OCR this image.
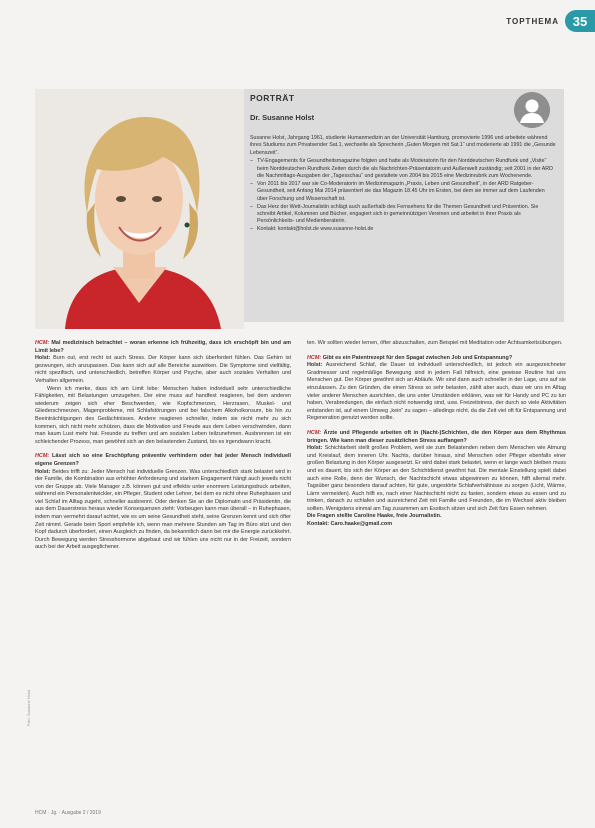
TOPTHEMA	35
PORTRÄT
Dr. Susanne Holst

Susanne Holst, Jahrgang 1961, studierte Humanmedizin an der Universität Hamburg, promovierte 1996 und arbeitete während ihres Studiums zum Privatsender Sat.1, wechselte als Sprecherin „Guten Morgen mit Sat.1“ und moderierte ab 1991 die „Gesunde Lebenszeit“.

– TV-Engagements für Gesundheitsmagazine folgten und hatte als Moderatorin für den Norddeutschen Rundfunk und „Visite“ beim Norddeutschen Rundfunk Zeiten durch die als Nachrichten-Präsentatorin und Außenwelt zuständig; seit 2001 in der ARD die Nachmittags-Ausgaben der „Tagesschau“ und gestaltete von 2004 bis 2015 eine Medizinrubrik zum Wochenende.

– Von 2011 bis 2017 war sie Co-Moderatorin im Medizinmagazin „Praxis, Leben und Gesundheit“, in der ARD Ratgeber-Gesundheit, seit Anfang Mai 2014 präsentiert sie das Magazin 18.45 Uhr im Ersten, bei dem sie immer auf dem Laufenden über Forschung und Wissenschaft ist.

– Das Herz der Wett-Journalistin schlägt auch außerhalb des Fernsehens für die Themen Gesundheit und Prävention. Sie schreibt Artikel, Kolumnen und Bücher, engagiert sich in gemeinnützigen Vereinen und arbeitet in ihrer Praxis als Persönlichkeits- und Medienberaterin.

– Kontakt: kontakt@holst.de www.susanne-holst.de

HCM: Mal medizinisch betrachtet – woran erkenne ich frühzeitig, dass ich erschöpft bin und am Limit lebe?

Holst: Burn out, erst recht ist auch Stress. Der Körper kann sich überfordert fühlen. Das Gehirn ist gezwungen, sich anzupassen. Das kann sich auf alle Bereiche auswirken. Die Symptome sind vielfältig, nicht spezifisch, und unterschiedlich, betreffen Körper und Psyche, aber auch soziales Verhalten und Verhalten allgemein.

Wenn ich merke, dass ich am Limit lebe: Menschen haben individuell sehr unterschiedliche Fähigkeiten, mit Belastungen umzugehen. Der eine muss auf handfest reagieren, bei dem anderen wiederum zeigen sich eher Beschwerden, wie Kopfschmerzen, Herzrasen, Muskel- und Gliederschmerzen, Magenprobleme, mit Schlafstörungen und bei falschem Alkoholkonsum, bis hin zu Beeinträchtigungen des Gedächtnisses. Andere reagieren schneller, indem sie nicht mehr zu sich kommen, sich nicht mehr schützen, dass die Motivation und Freude aus dem Leben verschwinden, dann man kaum Lust mehr hat. Freunde zu treffen und am sozialen Leben teilzunehmen. Ausbrennen ist ein schleichender Prozess, man gewöhnt sich an den belastenden Zustand, bis es irgendwann kracht.

HCM: Lässt sich so eine Erschöpfung präventiv verhindern oder hat jeder Mensch individuell eigene Grenzen?

Holst: Beides trifft zu: Jeder Mensch hat individuelle Grenzen. Was unterschiedlich stark belastet wird in der Familie, die Kombination aus erhöhter Anforderung und starkem Engagement hängt auch jeweils nicht von der Gruppe ab. Viele Manager z.B. können gut und effektiv unter enormem Leistungsdruck arbeiten, während ein Personalentwickler, ein Pfleger, Student oder Lehrer, bei dem es nicht ohne Ruhephasen und viel Schlaf im Alltag zugeht, schneller ausbrennt. Oder denken Sie an die Diplomatin und Präsidentin, die aus dem Dauerstress heraus wieder Konsequenzen zieht: Vorbeugen kann man überall – in Ruhephasen, indem man vermehrt darauf achtet, wie es um seine Gesundheit steht, seine Grenzen kennt und sich öfter Zeit nimmt. Gerade beim Sport empfehle ich, wenn man mehrere Stunden am Tag im Büro sitzt und den Kopf dadurch überfordert, einen Ausgleich zu finden, da bekanntlich dann bei mir die Energie zurückkehrt. Durch Bewegung werden Stresshormone abgebaut und wir fühlen uns nicht nur in der Freizeit, sondern auch bei der Arbeit ausgeglichener.

ten. Wir sollten wieder lernen, öfter abzuschalten, zum Beispiel mit Meditation oder Achtsamkeitsübungen.

HCM: Gibt es ein Patentrezept für den Spagat zwischen Job und Entspannung?

Holst: Ausreichend Schlaf, die Dauer ist individuell unterschiedlich, ist jedoch ein ausgezeichneter Gradmesser und regelmäßige Bewegung sind in jedem Fall hilfreich, eine gewisse Routine hat uns Menschen gut. Der Körper gewöhnt sich an Abläufe. Wir sind dann auch schneller in der Lage, uns auf sie einzulassen. Zu den Gründen, die einen Stress so sehr belasten, zählt aber auch, dass wir uns im Alltag vieler anderer Menschen ausrichten, die uns unter Umständen erklären, was wir für Handy und PC zu tun haben, Verabredungen, die einfach nicht notwendig sind, usw. Freizeitstress, der durch so viele Aktivitäten entstanden ist, auf einem Umweg „kein“ zu sagen – alledings nicht, da die Zeit viel oft für Entspannung und Regeneration genutzt werden sollte.

HCM: Ärzte und Pflegende arbeiten oft in (Nacht-)Schichten, die den Körper aus dem Rhythmus bringen. Wie kann man dieser zusätzlichen Stress auffangen?

Holst: Schichtarbeit stellt großes Problem, weil sie zum Belastenden neben dem Menschen wie Atmung und Kreislauf, dem inneren Uhr. Nachts, darüber hinaus, sind Menschen oder Pfleger ebenfalls einer großen Belastung in den Körper ausgesetzt. Er wird dabei stark belastet, wenn er lange wach bleiben muss und es dauert, bis sich der Körper an den Schichtdienst gewöhnt hat. Die mentale Einstellung spielt dabei auch eine Rolle, denn der Wunsch, der Nachtschicht etwas abgewinnen zu können, hilft allemal mehr. Tagsüber ganz besonders darauf achten, für gute, ungestörte Schlafverhältnisse zu sorgen (Licht, Wärme, Lärm vermeiden). Auch hilft es, nach einer Nachtschicht nicht zu fasten, sondern etwas zu essen und zu trinken, danach zu schlafen und ausreichend Zeit mit Familie und Freunden, die im Wechsel aktiv bleiben sollten. Wenigstens einmal am Tag zusammen am Esstisch sitzen und sich Zeit fürs Essen nehmen.

Die Fragen stellte Caroline Haake, freie Journalistin.

Kontakt: Caro.haake@gmail.com

Foto: Susanne Holst
HCM · Jg. · Ausgabe 2 / 2019
